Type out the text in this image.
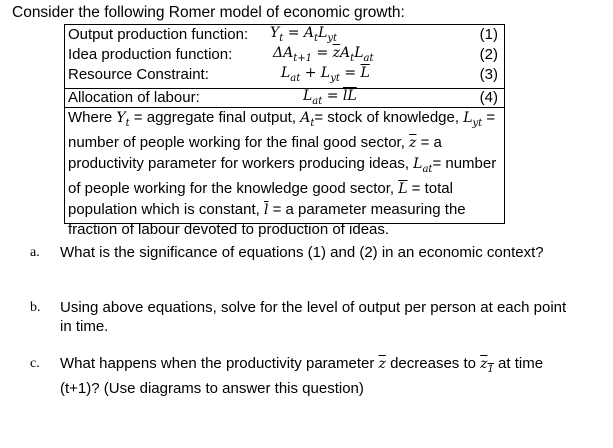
Consider the following Romer model of economic growth:
Output production function: $Y_t = A_tL_{yt}$	(1)
Idea production function:	$\Delta A_{t+1} = \overline{z}A_tL_{at}$	(2)
Resource Constraint:	$L_{at} + L_{yt} = \overline{L}$	(3)
Allocation of labour:	$L_{at} = \overline{l}\overline{L}$	(4)
Where $Y_t$ = aggregate final output, $A_t=$ stock of knowledge, $L_{yt}$ = number of people working for the final good sector, $\overline{z} = a$ productivity parameter for workers producing ideas, $L_{at}=$ number of people working for the knowledge good sector, $\overline{L}$ = total population which is constant, $\overline{l} = a$ parameter measuring the fraction of labour devoted to production of ideas.
a. What is the significance of equations (1) and (2) in an economic context?
b. Using above equations, solve for the level of output per person at each point in time.
c. What happens when the productivity parameter $\overline{z}$ decreases to $z_1$ at time (t+1)? (Use diagrams to answer this question)
